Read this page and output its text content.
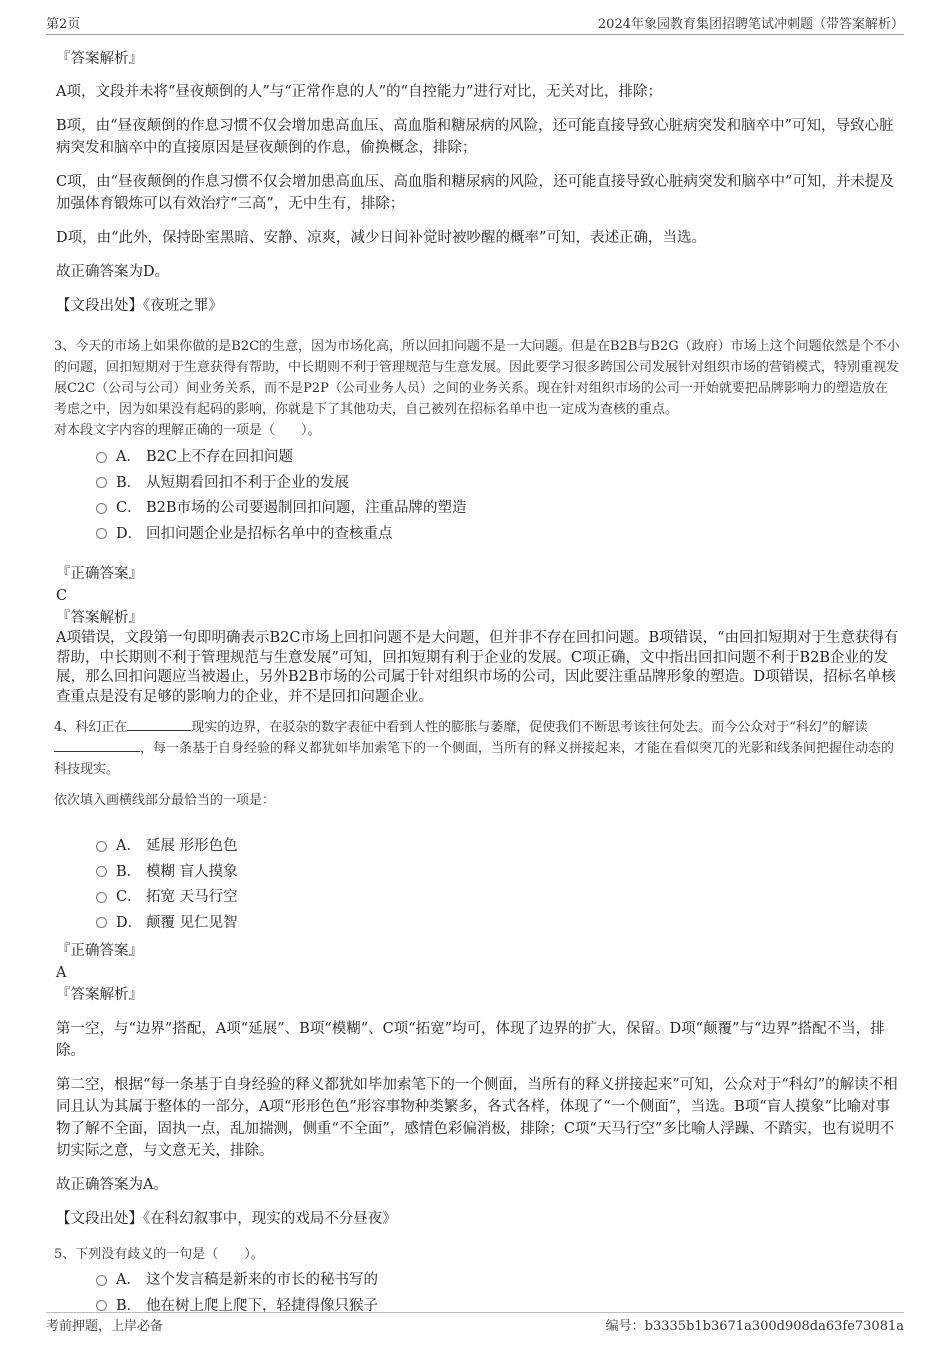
第2页	2024年象园教育集团招聘笔试冲刺题（带答案解析）

『答案解析』

A项，文段并未将“昼夜颠倒的人”与“正常作息的人”的“自控能力”进行对比，无关对比，排除；

B项，由“昼夜颠倒的作息习惯不仅会增加患高血压、高血脂和糖尿病的风险，还可能直接导致心脏病突发和脑卒中”可知，导致心脏病突发和脑卒中的直接原因是昼夜颠倒的作息，偷换概念，排除；

C项，由“昼夜颠倒的作息习惯不仅会增加患高血压、高血脂和糖尿病的风险，还可能直接导致心脏病突发和脑卒中”可知，并未提及加强体育锻炼可以有效治疗“三高”，无中生有，排除；

D项，由“此外，保持卧室黑暗、安静、凉爽，减少日间补觉时被吵醒的概率”可知，表述正确，当选。

故正确答案为D。

【文段出处】《夜班之罪》

3、今天的市场上如果你做的是B2C的生意，因为市场化高，所以回扣问题不是一大问题。但是在B2B与B2G（政府）市场上这个问题依然是个不小的问题，回扣短期对于生意获得有帮助，中长期则不利于管理规范与生意发展。因此要学习很多跨国公司发展针对组织市场的营销模式，特别重视发展C2C（公司与公司）间业务关系，而不是P2P（公司业务人员）之间的业务关系。现在针对组织市场的公司一开始就要把品牌影响力的塑造放在考虑之中，因为如果没有起码的影响，你就是下了其他功夫，自己被列在招标名单中也一定成为查核的重点。

对本段文字内容的理解正确的一项是（　　）。

A． B2C上不存在回扣问题
B． 从短期看回扣不利于企业的发展
C． B2B市场的公司要遏制回扣问题，注重品牌的塑造
D． 回扣问题企业是招标名单中的查核重点

『正确答案』

C

『答案解析』

A项错误，文段第一句即明确表示B2C市场上回扣问题不是大问题，但并非不存在回扣问题。B项错误，“由回扣短期对于生意获得有帮助，中长期则不利于管理规范与生意发展”可知，回扣短期有利于企业的发展。C项正确，文中指出回扣问题不利于B2B企业的发展，那么回扣问题应当被遏止，另外B2B市场的公司属于针对组织市场的公司，因此要注重品牌形象的塑造。D项错误，招标名单核查重点是没有足够的影响力的企业，并不是回扣问题企业。

4、科幻正在	现实的边界，在驳杂的数字表征中看到人性的膨胀与萎靡，促使我们不断思考该往何处去。而今公众对于“科幻”的解读，每一条基于自身经验的释义都犹如毕加索笔下的一个侧面，当所有的释义拼接起来，才能在看似突兀的光影和线条间把握住动态的科技现实。

依次填入画横线部分最恰当的一项是：

A． 延展 形形色色
B． 模糊 盲人摸象
C． 拓宽 天马行空
D． 颠覆 见仁见智

『正确答案』

A

『答案解析』

第一空，与“边界”搭配，A项“延展”、B项“模糊”、C项“拓宽”均可，体现了边界的扩大，保留。D项“颠覆”与“边界”搭配不当，排除。

第二空，根据“每一条基于自身经验的释义都犹如毕加索笔下的一个侧面，当所有的释义拼接起来”可知，公众对于“科幻”的解读不相同且认为其属于整体的一部分，A项“形形色色”形容事物种类繁多，各式各样，体现了“一个侧面”，当选。B项“盲人摸象”比喻对事物了解不全面，固执一点，乱加揣测，侧重“不全面”，感情色彩偏消极，排除；C项“天马行空”多比喻人浮躁、不踏实，也有说明不切实际之意，与文意无关，排除。

故正确答案为A。

【文段出处】《在科幻叙事中，现实的戏局不分昼夜》

5、下列没有歧义的一句是（　　）。

A． 这个发言稿是新来的市长的秘书写的
B． 他在树上爬上爬下，轻捷得像只猴子
考前押题，上岸必备	编号：b3335b1b3671a300d908da63fe73081a
